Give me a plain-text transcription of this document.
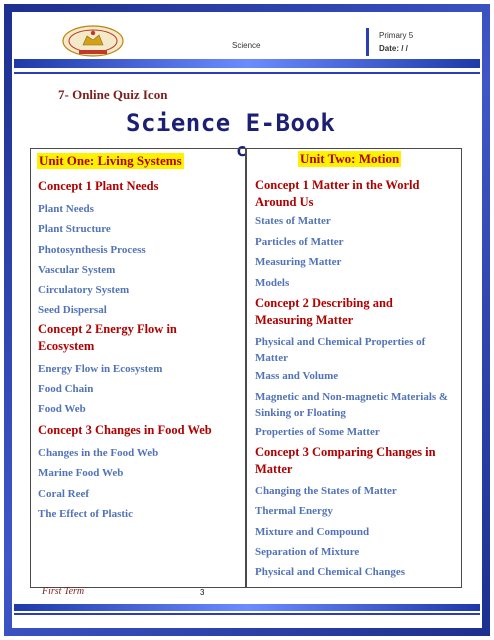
Science
Primary 5
Date: / /
7- Online Quiz Icon
Science E-Book
c
Unit One: Living Systems
Concept 1 Plant Needs
Plant Needs
Plant Structure
Photosynthesis Process
Vascular System
Circulatory System
Seed Dispersal
Concept 2 Energy Flow in Ecosystem
Energy Flow in Ecosystem
Food Chain
Food Web
Concept 3 Changes in Food Web
Changes in the Food Web
Marine Food Web
Coral Reef
The Effect of Plastic
Unit Two: Motion
Concept 1 Matter in the World Around Us
States of Matter
Particles of Matter
Measuring Matter
Models
Concept 2 Describing and Measuring Matter
Physical and Chemical Properties of Matter
Mass and Volume
Magnetic and Non-magnetic Materials & Sinking or Floating
Properties of Some Matter
Concept 3 Comparing Changes in Matter
Changing the States of Matter
Thermal Energy
Mixture and Compound
Separation of Mixture
Physical and Chemical Changes
First Term	3
